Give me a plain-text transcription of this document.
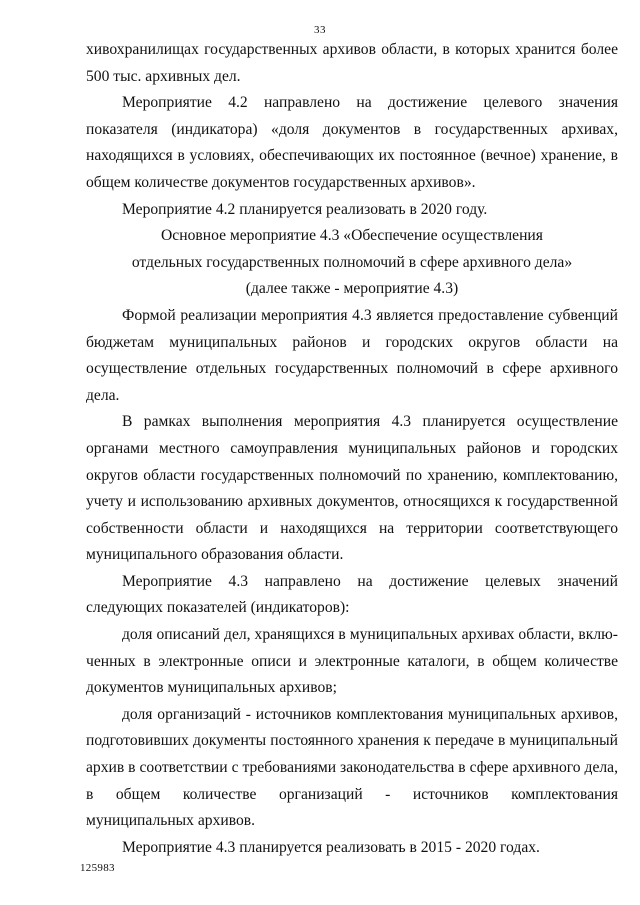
33

хивохранилищах государственных архивов области, в которых хранится более 500 тыс. архивных дел.

Мероприятие 4.2 направлено на достижение целевого значения показателя (индикатора) «доля документов в государственных архивах, находящихся в условиях, обеспечивающих их постоянное (вечное) хранение, в общем количестве документов государственных архивов».

Мероприятие 4.2 планируется реализовать в 2020 году.

Основное мероприятие 4.3 «Обеспечение осуществления

отдельных государственных полномочий в сфере архивного дела»

(далее также - мероприятие 4.3)

Формой реализации мероприятия 4.3 является предоставление субвенций бюджетам муниципальных районов и городских округов области на осуществление отдельных государственных полномочий в сфере архивного дела.

В рамках выполнения мероприятия 4.3 планируется осуществление органами местного самоуправления муниципальных районов и городских округов области государственных полномочий по хранению, комплектованию, учету и использованию архивных документов, относящихся к государственной собственности области и находящихся на территории соответствующего муниципального образования области.

Мероприятие 4.3 направлено на достижение целевых значений следующих показателей (индикаторов):

доля описаний дел, хранящихся в муниципальных архивах области, включенных в электронные описи и электронные каталоги, в общем количестве документов муниципальных архивов;

доля организаций - источников комплектования муниципальных архивов, подготовивших документы постоянного хранения к передаче в муниципальный архив в соответствии с требованиями законодательства в сфере архивного дела, в общем количестве организаций - источников комплектования муниципальных архивов.

Мероприятие 4.3 планируется реализовать в 2015 - 2020 годах.

125983
